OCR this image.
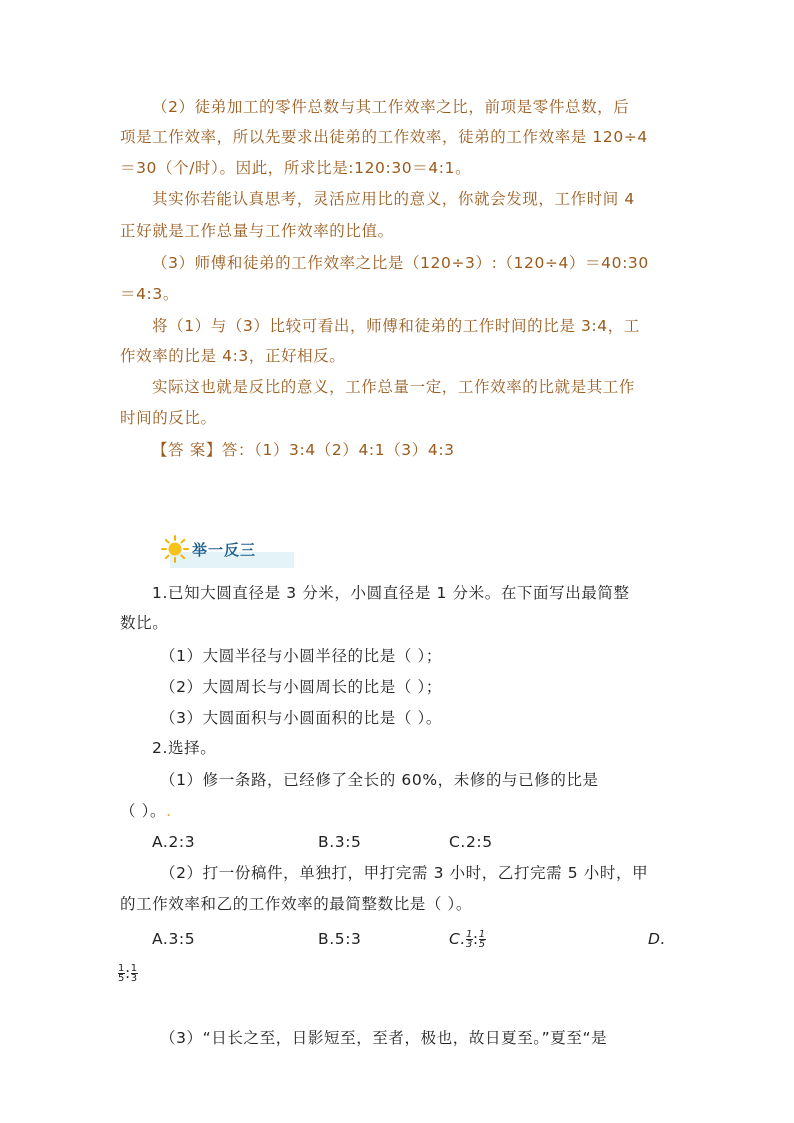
（2）徒弟加工的零件总数与其工作效率之比，前项是零件总数，后
项是工作效率，所以先要求出徒弟的工作效率，徒弟的工作效率是 120÷4
＝30（个/时）。因此，所求比是:120:30＝4:1。
其实你若能认真思考，灵活应用比的意义，你就会发现，工作时间 4
正好就是工作总量与工作效率的比值。
（3）师傅和徒弟的工作效率之比是（120÷3）:（120÷4）＝40:30
＝4:3。
将（1）与（3）比较可看出，师傅和徒弟的工作时间的比是 3:4，工
作效率的比是 4:3，正好相反。
实际这也就是反比的意义，工作总量一定，工作效率的比就是其工作
时间的反比。
【答 案】答：（1）3:4（2）4:1（3）4:3
举一反三
1.已知大圆直径是 3 分米，小圆直径是 1 分米。在下面写出最简整
数比。
（1）大圆半径与小圆半径的比是（ ）；
（2）大圆周长与小圆周长的比是（ ）；
（3）大圆面积与小圆面积的比是（ ）。
2.选择。
（1）修一条路，已经修了全长的 60%，未修的与已修的比是
（ ）。.
A.2:3	B.3:5	C.2:5
（2）打一份稿件，单独打，甲打完需 3 小时，乙打完需 5 小时，甲
的工作效率和乙的工作效率的最简整数比是（ ）。
A.3:5	B.5:3	C. $\frac{1}{3}$ : $\frac{1}{5}$	D.
$\frac{1}{5}$ : $\frac{1}{3}$
（3）“日长之至，日影短至，至者，极也，故日夏至。”夏至“是
